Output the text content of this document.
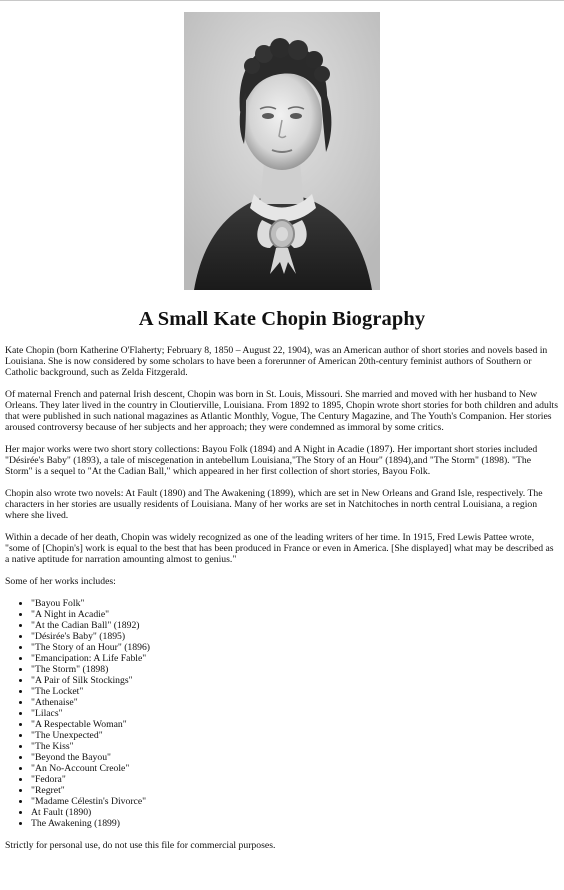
A Small Kate Chopin Biography

Kate Chopin (born Katherine O'Flaherty; February 8, 1850 – August 22, 1904), was an American author of short stories and novels based in Louisiana. She is now considered by some scholars to have been a forerunner of American 20th-century feminist authors of Southern or Catholic background, such as Zelda Fitzgerald.

Of maternal French and paternal Irish descent, Chopin was born in St. Louis, Missouri. She married and moved with her husband to New Orleans. They later lived in the country in Cloutierville, Louisiana. From 1892 to 1895, Chopin wrote short stories for both children and adults that were published in such national magazines as Atlantic Monthly, Vogue, The Century Magazine, and The Youth's Companion. Her stories aroused controversy because of her subjects and her approach; they were condemned as immoral by some critics.

Her major works were two short story collections: Bayou Folk (1894) and A Night in Acadie (1897). Her important short stories included "Désirée's Baby" (1893), a tale of miscegenation in antebellum Louisiana,"The Story of an Hour" (1894),and "The Storm" (1898). "The Storm" is a sequel to "At the Cadian Ball," which appeared in her first collection of short stories, Bayou Folk.

Chopin also wrote two novels: At Fault (1890) and The Awakening (1899), which are set in New Orleans and Grand Isle, respectively. The characters in her stories are usually residents of Louisiana. Many of her works are set in Natchitoches in north central Louisiana, a region where she lived.

Within a decade of her death, Chopin was widely recognized as one of the leading writers of her time. In 1915, Fred Lewis Pattee wrote, "some of [Chopin's] work is equal to the best that has been produced in France or even in America. [She displayed] what may be described as a native aptitude for narration amounting almost to genius."

Some of her works includes:

• "Bayou Folk"
• "A Night in Acadie"
• "At the Cadian Ball" (1892)
• "Désirée's Baby" (1895)
• "The Story of an Hour" (1896)
• "Emancipation: A Life Fable"
• "The Storm" (1898)
• "A Pair of Silk Stockings"
• "The Locket"
• "Athenaise"
• "Lilacs"
• "A Respectable Woman"
• "The Unexpected"
• "The Kiss"
• "Beyond the Bayou"
• "An No-Account Creole"
• "Fedora"
• "Regret"
• "Madame Célestin's Divorce"
• At Fault (1890)
• The Awakening (1899)

Strictly for personal use, do not use this file for commercial purposes.
